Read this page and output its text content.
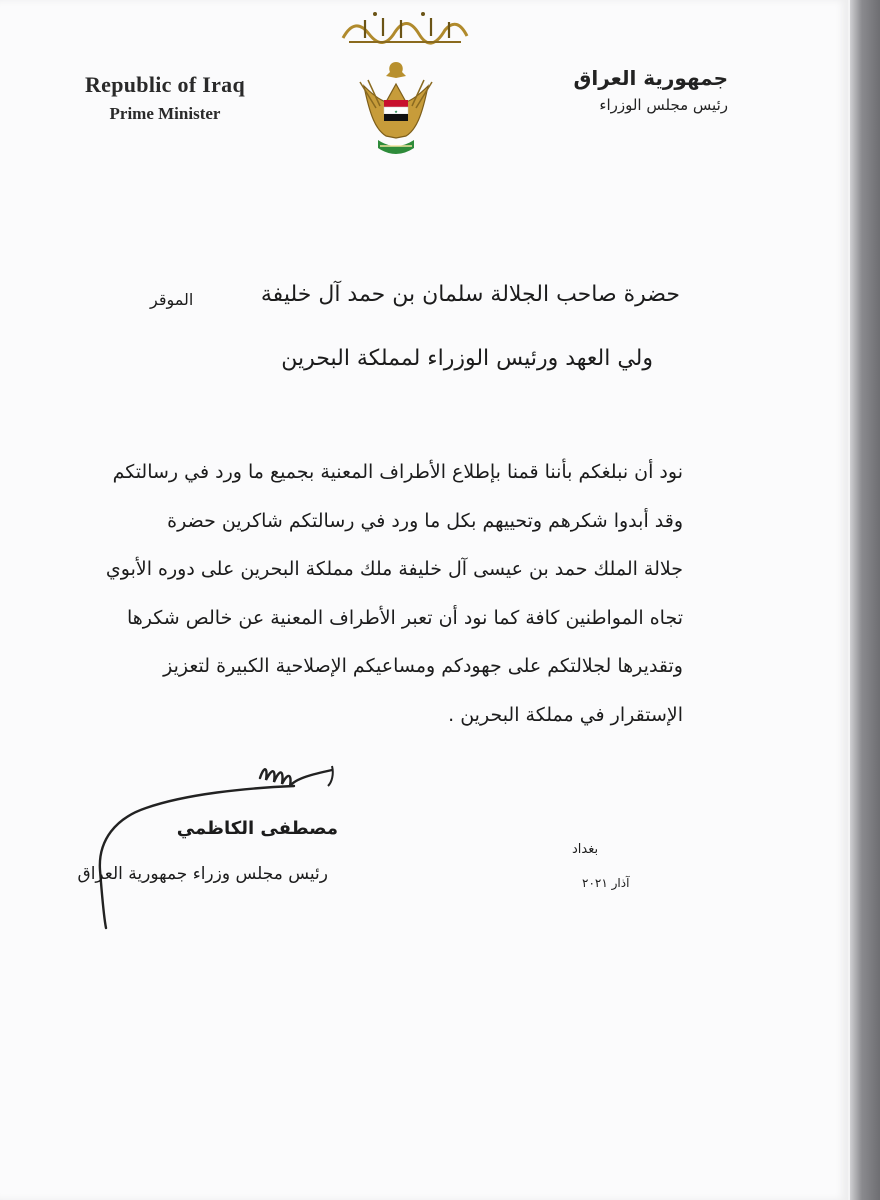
Republic of Iraq
Prime Minister	★
جمهورية العراق
رئيس مجلس الوزراء
حضرة صاحب الجلالة سلمان بن حمد آل خليفة
الموقر
ولي العهد ورئيس الوزراء لمملكة البحرين
نود أن نبلغكم بأننا قمنا بإطلاع الأطراف المعنية بجميع ما ورد في رسالتكم
وقد أبدوا شكرهم وتحييهم بكل ما ورد في رسالتكم شاكرين حضرة
جلالة الملك حمد بن عيسى آل خليفة ملك مملكة البحرين على دوره الأبوي
تجاه المواطنين كافة كما نود أن تعبر الأطراف المعنية عن خالص شكرها
وتقديرها لجلالتكم على جهودكم ومساعيكم الإصلاحية الكبيرة لتعزيز
الإستقرار في مملكة البحرين .
مصطفى الكاظمي
رئيس مجلس وزراء جمهورية العراق
بغداد
آذار ٢٠٢١
